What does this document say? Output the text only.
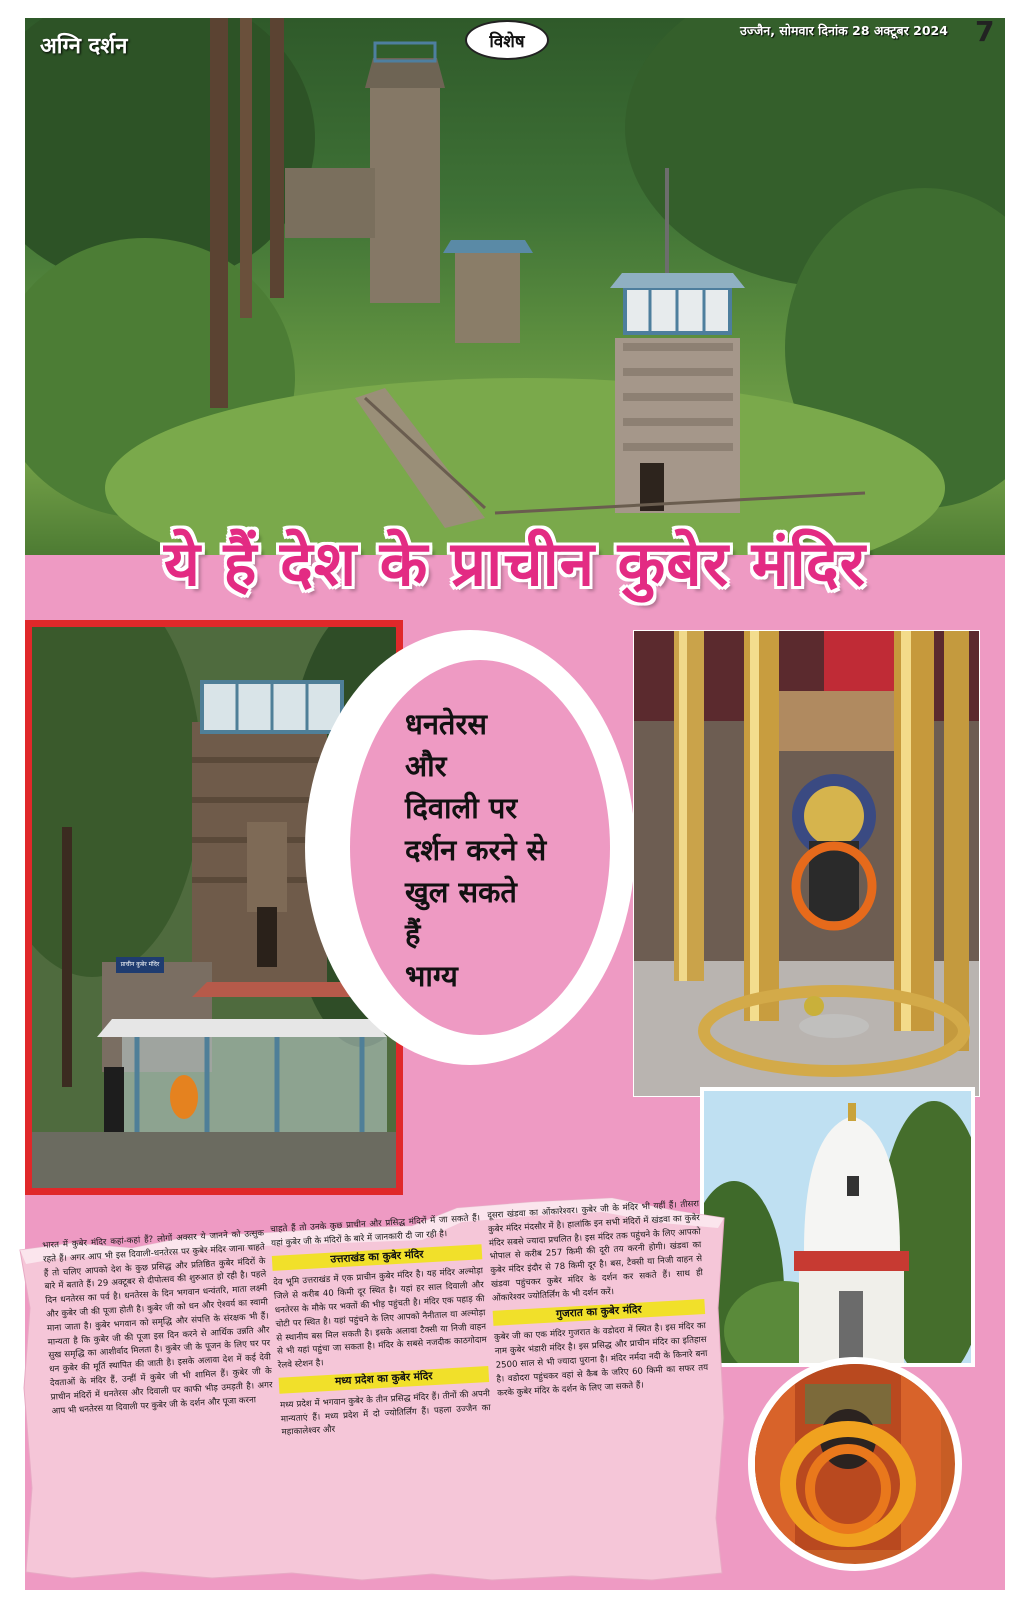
अग्नि दर्शन	विशेष
उज्जैन, सोमवार दिनांक 28 अक्टूबर 2024 7
ये हैं देश के प्राचीन कुबेर मंदिर
प्राचीन कुबेर मंदिर
धनतेरस
और
दिवाली पर
दर्शन करने से
खुल सकते
हैं
भाग्य

भारत में कुबेर मंदिर कहां-कहां हैं? लोगों अक्सर ये जानने को उत्सुक रहते हैं। अगर आप भी इस दिवाली-धनतेरस पर कुबेर मंदिर जाना चाहते हैं तो चलिए आपको देश के कुछ प्रसिद्ध और प्रतिष्ठित कुबेर मंदिरों के बारे में बताते हैं। 29 अक्टूबर से दीपोत्सव की शुरुआत हो रही है। पहले दिन धनतेरस का पर्व है। धनतेरस के दिन भगवान धन्वंतरि, माता लक्ष्मी और कुबेर जी की पूजा होती है। कुबेर जी को धन और ऐश्वर्य का स्वामी माना जाता है। कुबेर भगवान को समृद्धि और संपत्ति के संरक्षक भी हैं। मान्यता है कि कुबेर जी की पूजा इस दिन करने से आर्थिक उन्नति और सुख समृद्धि का आशीर्वाद मिलता है। कुबेर जी के पूजन के लिए घर पर धन कुबेर की मूर्ति स्थापित की जाती है। इसके अलावा देश में कई देवी देवताओं के मंदिर हैं, उन्हीं में कुबेर जी भी शामिल हैं। कुबेर जी के प्राचीन मंदिरों में धनतेरस और दिवाली पर काफी भीड़ उमड़ती है। अगर आप भी धनतेरस या दिवाली पर कुबेर जी के दर्शन और पूजा करना

चाहते हैं तो उनके कुछ प्राचीन और प्रसिद्ध मंदिरों में जा सकते हैं। यहां कुबेर जी के मंदिरों के बारे में जानकारी दी जा रही है।

उत्तराखंड का कुबेर मंदिर

देव भूमि उत्तराखंड में एक प्राचीन कुबेर मंदिर है। यह मंदिर अल्मोड़ा जिले से करीब 40 किमी दूर स्थित है। यहां हर साल दिवाली और धनतेरस के मौके पर भक्तों की भीड़ पहुंचती है। मंदिर एक पहाड़ की चोटी पर स्थित है। यहां पहुंचने के लिए आपको नैनीताल या अल्मोड़ा से स्थानीय बस मिल सकती है। इसके अलावा टैक्सी या निजी वाहन से भी यहां पहुंचा जा सकता है। मंदिर के सबसे नजदीक काठगोदाम रेलवे स्टेशन है।

मध्य प्रदेश का कुबेर मंदिर

मध्य प्रदेश में भगवान कुबेर के तीन प्रसिद्ध मंदिर हैं। तीनों की अपनी मान्यताएं हैं। मध्य प्रदेश में दो ज्योतिर्लिंग हैं। पहला उज्जैन का महाकालेश्वर और

दूसरा खंडवा का ओंकारेश्वर। कुबेर जी के मंदिर भी यहीं हैं। तीसरा कुबेर मंदिर मंदसौर में है। हालांकि इन सभी मंदिरों में खंडवा का कुबेर मंदिर सबसे ज्यादा प्रचलित है। इस मंदिर तक पहुंचने के लिए आपको भोपाल से करीब 257 किमी की दूरी तय करनी होगी। खंडवा का कुबेर मंदिर इंदौर से 78 किमी दूर है। बस, टैक्सी या निजी वाहन से खंडवा पहुंचकर कुबेर मंदिर के दर्शन कर सकते हैं। साथ ही ओंकारेश्वर ज्योतिर्लिंग के भी दर्शन करें।

गुजरात का कुबेर मंदिर

कुबेर जी का एक मंदिर गुजरात के वडोदरा में स्थित है। इस मंदिर का नाम कुबेर भंडारी मंदिर है। इस प्रसिद्ध और प्राचीन मंदिर का इतिहास 2500 साल से भी ज्यादा पुराना है। मंदिर नर्मदा नदी के किनारे बना है। वडोदरा पहुंचकर वहां से कैब के जरिए 60 किमी का सफर तय करके कुबेर मंदिर के दर्शन के लिए जा सकते हैं।
